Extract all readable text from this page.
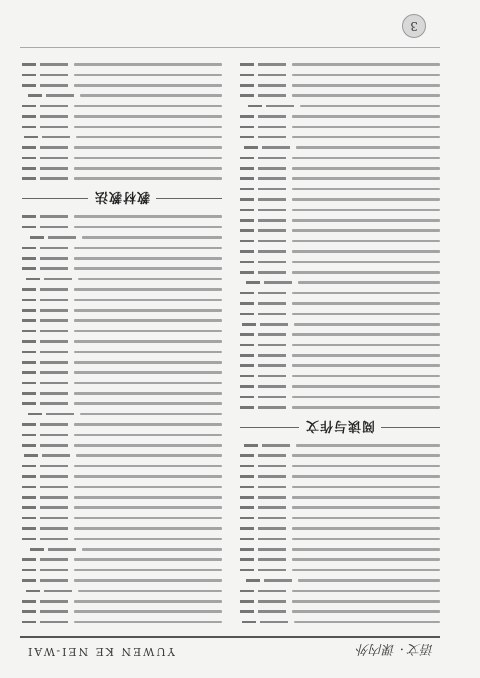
语文 · 课内外
YUWEN KE NEI-WAI
阅读与作文
教材教法
3
